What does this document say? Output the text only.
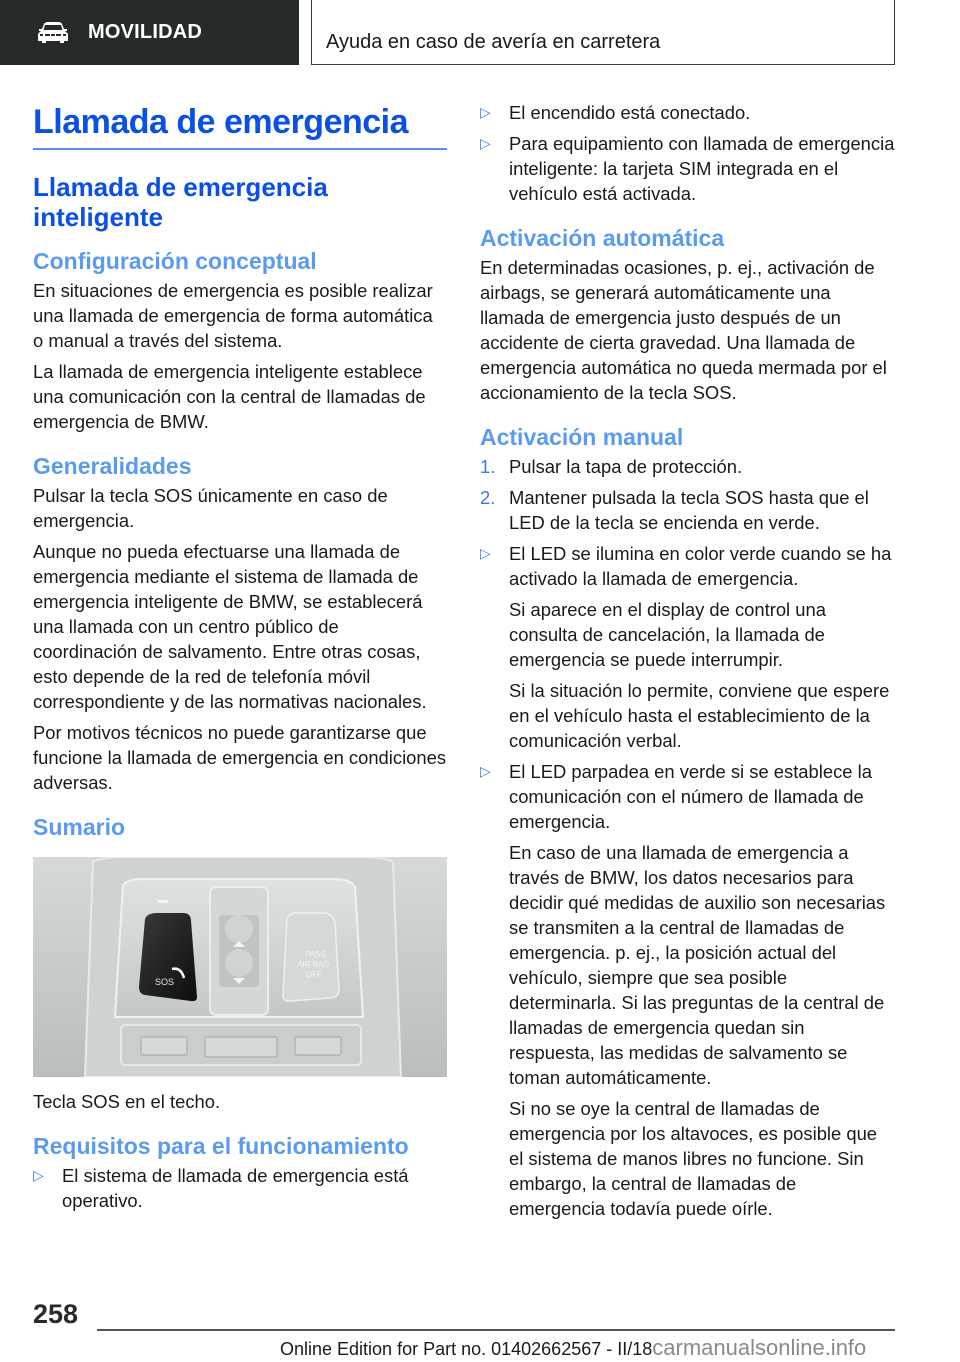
MOVILIDAD	Ayuda en caso de avería en carretera
Llamada de emergencia
Llamada de emergencia inteligente
Configuración conceptual

En situaciones de emergencia es posible realizar una llamada de emergencia de forma automática o manual a través del sistema.

La llamada de emergencia inteligente establece una comunicación con la central de llamadas de emergencia de BMW.

Generalidades

Pulsar la tecla SOS únicamente en caso de emergencia.

Aunque no pueda efectuarse una llamada de emergencia mediante el sistema de llamada de emergencia inteligente de BMW, se establecerá una llamada con un centro público de coordinación de salvamento. Entre otras cosas, esto depende de la red de telefonía móvil correspondiente y de las normativas nacionales.

Por motivos técnicos no puede garantizarse que funcione la llamada de emergencia en condiciones adversas.

Sumario
SOS
PASS
AIR BAG
OFF
Tecla SOS en el techo.
Requisitos para el funcionamiento
▷ El sistema de llamada de emergencia está operativo.
▷ El encendido está conectado.
▷ Para equipamiento con llamada de emergencia inteligente: la tarjeta SIM integrada en el vehículo está activada.
Activación automática

En determinadas ocasiones, p. ej., activación de airbags, se generará automáticamente una llamada de emergencia justo después de un accidente de cierta gravedad. Una llamada de emergencia automática no queda mermada por el accionamiento de la tecla SOS.

Activación manual
1. Pulsar la tapa de protección.
2. Mantener pulsada la tecla SOS hasta que el LED de la tecla se encienda en verde.
▷ El LED se ilumina en color verde cuando se ha activado la llamada de emergencia.

Si aparece en el display de control una consulta de cancelación, la llamada de emergencia se puede interrumpir.

Si la situación lo permite, conviene que espere en el vehículo hasta el establecimiento de la comunicación verbal.

▷ El LED parpadea en verde si se establece la comunicación con el número de llamada de emergencia.

En caso de una llamada de emergencia a través de BMW, los datos necesarios para decidir qué medidas de auxilio son necesarias se transmiten a la central de llamadas de emergencia. p. ej., la posición actual del vehículo, siempre que sea posible determinarla. Si las preguntas de la central de llamadas de emergencia quedan sin respuesta, las medidas de salvamento se toman automáticamente.

Si no se oye la central de llamadas de emergencia por los altavoces, es posible que el sistema de manos libres no funcione. Sin embargo, la central de llamadas de emergencia todavía puede oírle.

258
Online Edition for Part no. 01402662567 - II/18carmanualsonline.info
